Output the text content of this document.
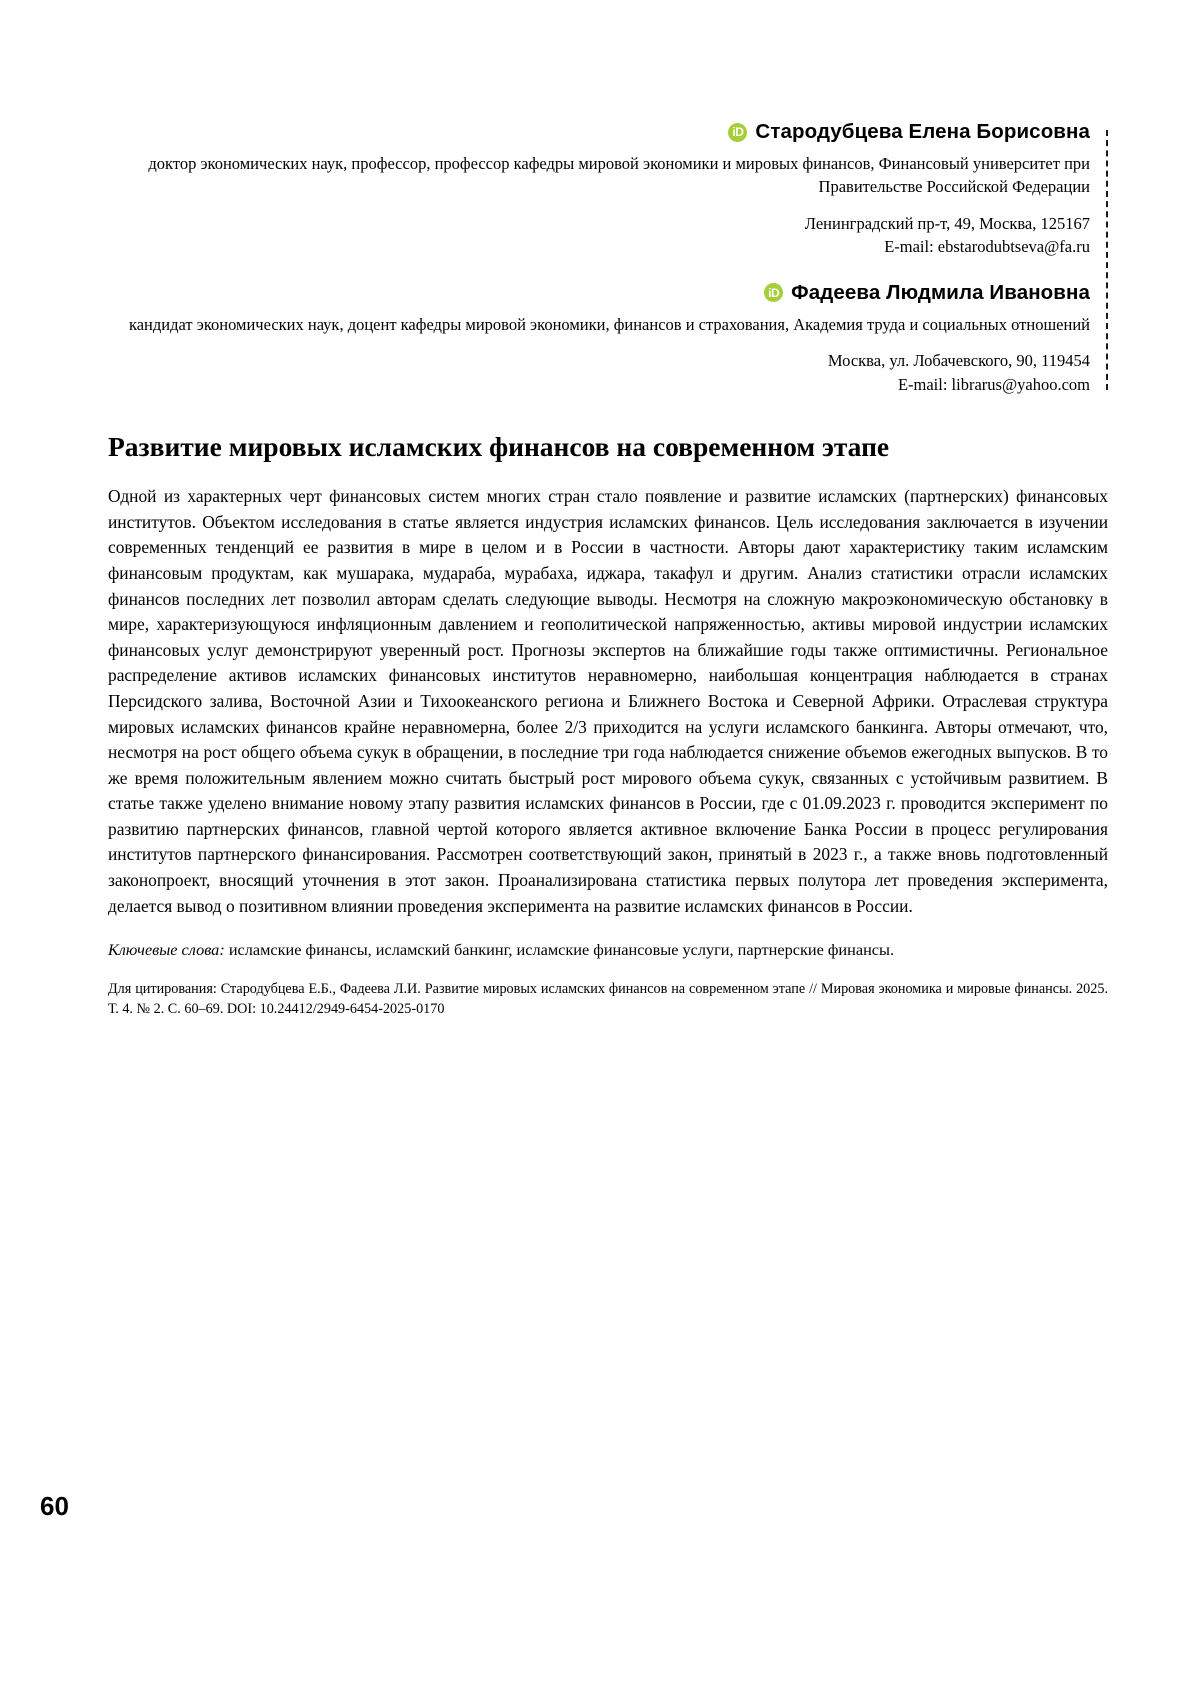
iD Стародубцева Елена Борисовна
доктор экономических наук, профессор, профессор кафедры мировой экономики и мировых финансов, Финансовый университет при Правительстве Российской Федерации
Ленинградский пр-т, 49, Москва, 125167
E-mail: ebstarodubtseva@fa.ru
iD Фадеева Людмила Ивановна
кандидат экономических наук, доцент кафедры мировой экономики, финансов и страхования, Академия труда и социальных отношений
Москва, ул. Лобачевского, 90, 119454
E-mail: librarus@yahoo.com
Развитие мировых исламских финансов на современном этапе
Одной из характерных черт финансовых систем многих стран стало появление и развитие исламских (партнерских) финансовых институтов. Объектом исследования в статье является индустрия исламских финансов. Цель исследования заключается в изучении современных тенденций ее развития в мире в целом и в России в частности. Авторы дают характеристику таким исламским финансовым продуктам, как мушарака, мудараба, мурабаха, иджара, такафул и другим. Анализ статистики отрасли исламских финансов последних лет позволил авторам сделать следующие выводы. Несмотря на сложную макроэкономическую обстановку в мире, характеризующуюся инфляционным давлением и геополитической напряженностью, активы мировой индустрии исламских финансовых услуг демонстрируют уверенный рост. Прогнозы экспертов на ближайшие годы также оптимистичны. Региональное распределение активов исламских финансовых институтов неравномерно, наибольшая концентрация наблюдается в странах Персидского залива, Восточной Азии и Тихоокеанского региона и Ближнего Востока и Северной Африки. Отраслевая структура мировых исламских финансов крайне неравномерна, более 2/3 приходится на услуги исламского банкинга. Авторы отмечают, что, несмотря на рост общего объема сукук в обращении, в последние три года наблюдается снижение объемов ежегодных выпусков. В то же время положительным явлением можно считать быстрый рост мирового объема сукук, связанных с устойчивым развитием. В статье также уделено внимание новому этапу развития исламских финансов в России, где с 01.09.2023 г. проводится эксперимент по развитию партнерских финансов, главной чертой которого является активное включение Банка России в процесс регулирования институтов партнерского финансирования. Рассмотрен соответствующий закон, принятый в 2023 г., а также вновь подготовленный законопроект, вносящий уточнения в этот закон. Проанализирована статистика первых полутора лет проведения эксперимента, делается вывод о позитивном влиянии проведения эксперимента на развитие исламских финансов в России.
Ключевые слова: исламские финансы, исламский банкинг, исламские финансовые услуги, партнерские финансы.
Для цитирования: Стародубцева Е.Б., Фадеева Л.И. Развитие мировых исламских финансов на современном этапе // Мировая экономика и мировые финансы. 2025. Т. 4. № 2. С. 60–69. DOI: 10.24412/2949-6454-2025-0170
60
